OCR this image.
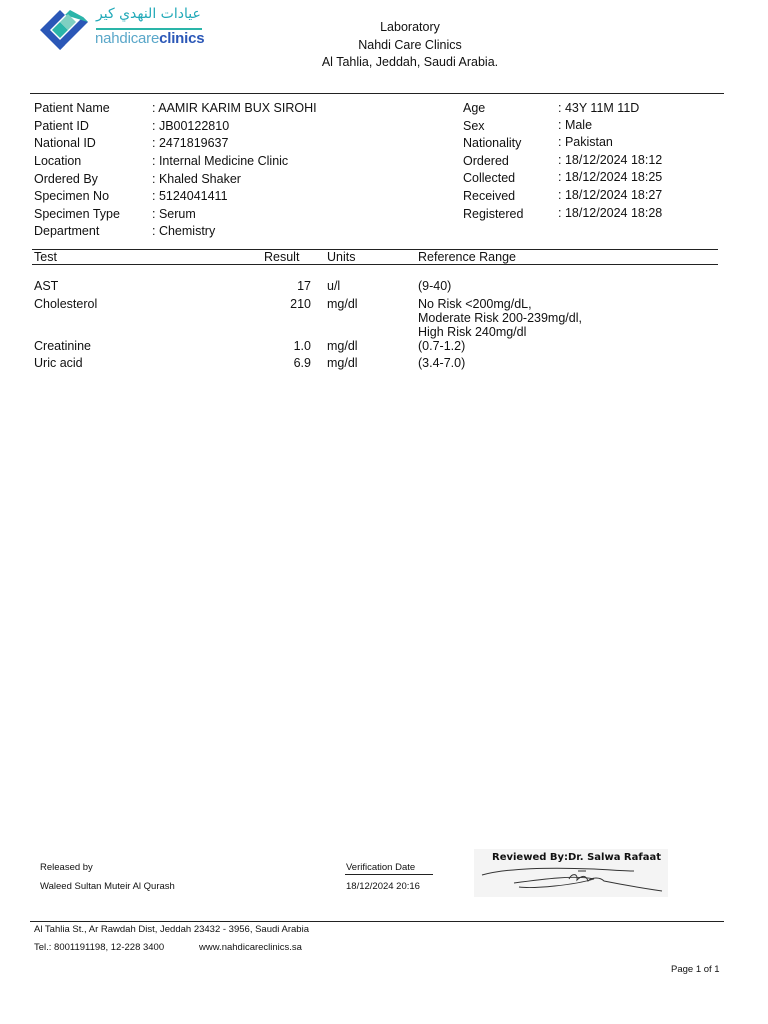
عيادات النهدي كير
nahdicareclinics
Laboratory
Nahdi Care Clinics
Al Tahlia, Jeddah, Saudi Arabia.
Patient Name	: AAMIR KARIM BUX SIROHI
Patient ID	: JB00122810
National ID	: 2471819637
Location	: Internal Medicine Clinic
Ordered By	: Khaled Shaker
Specimen No	: 5124041411
Specimen Type	: Serum
Department	: Chemistry
Age	: 43Y 11M 11D
Sex	: Male
Nationality	: Pakistan
Ordered	: 18/12/2024 18:12
Collected	: 18/12/2024 18:25
Received	: 18/12/2024 18:27
Registered	: 18/12/2024 18:28
Test	Result Units	Reference Range
AST	17 u/l	(9-40)
Cholesterol	210 mg/dl	No Risk <200mg/dL,
Moderate Risk 200-239mg/dl,
High Risk 240mg/dl
Creatinine	1.0 mg/dl	(0.7-1.2)
Uric acid	6.9 mg/dl	(3.4-7.0)
Released by
Waleed Sultan Muteir Al Qurash
Verification Date
18/12/2024 20:16
Reviewed By: Dr. Salwa Rafaat
Al Tahlia St., Ar Rawdah Dist, Jeddah 23432 - 3956, Saudi Arabia
Tel.: 8001191198, 12-228 3400	www.nahdicareclinics.sa
Page 1 of 1
